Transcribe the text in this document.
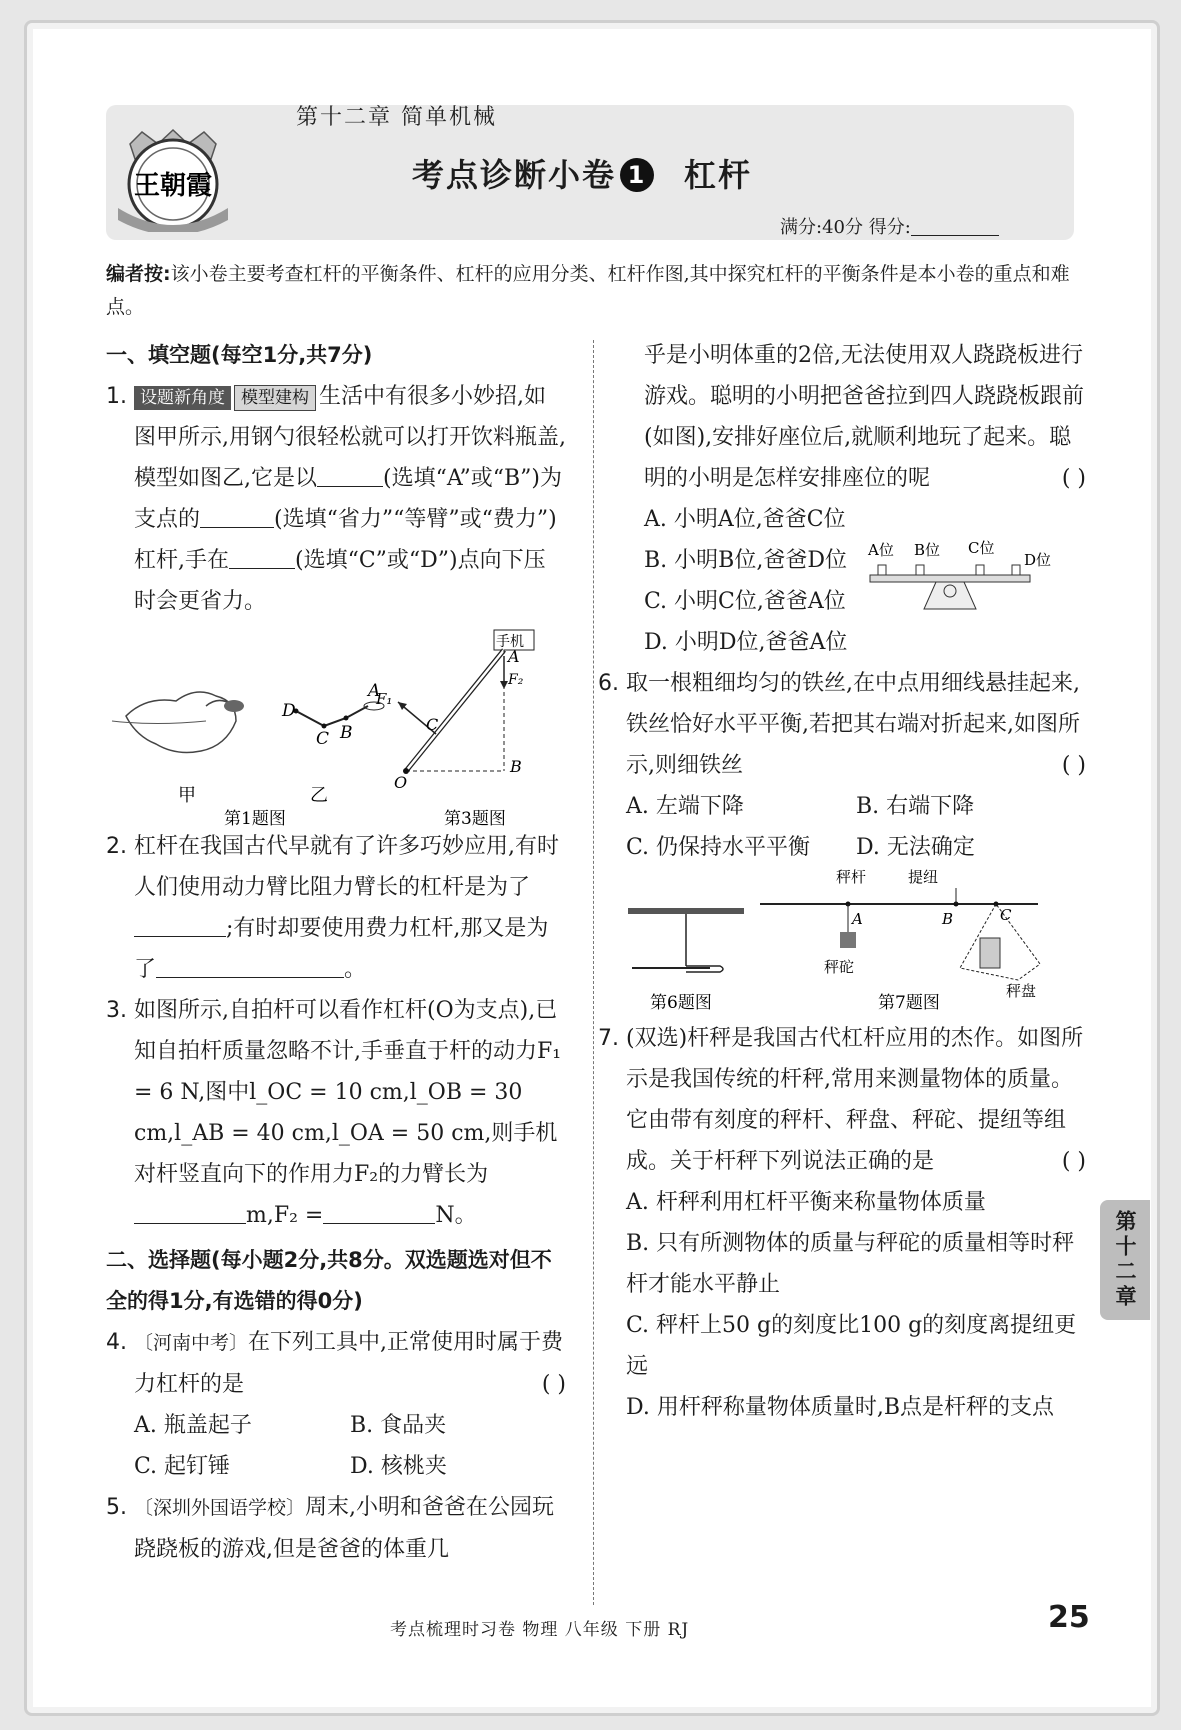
王朝霞
第十二章 简单机械
考点诊断小卷 1 杠杆
满分:40分 得分:
编者按:该小卷主要考查杠杆的平衡条件、杠杆的应用分类、杠杆作图,其中探究杠杆的平衡条件是本小卷的重点和难点。
一、填空题(每空1分,共7分)
1. 设题新角度 模型建构 生活中有很多小妙招,如图甲所示,用钢勺很轻松就可以打开饮料瓶盖,模型如图乙,它是以	(选填“A”或“B”)为支点的	(选填“省力”“等臂”或“费力”)杠杆,手在	(选填“C”或“D”)点向下压时会更省力。
D
C B
A
甲	乙
第1题图
手机
A
F₂
F₁
C
O
B
第3题图
2. 杠杆在我国古代早就有了许多巧妙应用,有时人们使用动力臂比阻力臂长的杠杆是为了;有时却要使用费力杠杆,那又是为了	。
3. 如图所示,自拍杆可以看作杠杆(O为支点),已知自拍杆质量忽略不计,手垂直于杆的动力F₁ = 6 N,图中l_OC = 10 cm,l_OB = 30 cm,l_AB = 40 cm,l_OA = 50 cm,则手机对杆竖直向下的作用力F₂的力臂长为
m,F₂ =	N。
二、选择题(每小题2分,共8分。双选题选对但不全的得1分,有选错的得0分)
4. 〔河南中考〕在下列工具中,正常使用时属于费力杠杆的是	( )
A. 瓶盖起子	B. 食品夹
C. 起钉锤	D. 核桃夹
5. 〔深圳外国语学校〕周末,小明和爸爸在公园玩跷跷板的游戏,但是爸爸的体重几
乎是小明体重的2倍,无法使用双人跷跷板进行游戏。聪明的小明把爸爸拉到四人跷跷板跟前(如图),安排好座位后,就顺利地玩了起来。聪明的小明是怎样安排座位的呢	( )
A. 小明A位,爸爸C位
B. 小明B位,爸爸D位
C. 小明C位,爸爸A位
D. 小明D位,爸爸A位
A位 B位 C位
D位
6. 取一根粗细均匀的铁丝,在中点用细线悬挂起来,铁丝恰好水平平衡,若把其右端对折起来,如图所示,则细铁丝	( )
A. 左端下降	B. 右端下降
C. 仍保持水平平衡	D. 无法确定
第6题图
秤杆	提纽
A	B	C
秤砣
秤盘
第7题图
7. (双选)杆秤是我国古代杠杆应用的杰作。如图所示是我国传统的杆秤,常用来测量物体的质量。它由带有刻度的秤杆、秤盘、秤砣、提纽等组成。关于杆秤下列说法正确的是	( )
A. 杆秤利用杠杆平衡来称量物体质量
B. 只有所测物体的质量与秤砣的质量相等时秤杆才能水平静止
C. 秤杆上50 g的刻度比100 g的刻度离提纽更远
D. 用杆秤称量物体质量时,B点是杆秤的支点
第十二章
考点梳理时习卷 物理 八年级 下册 RJ	25
